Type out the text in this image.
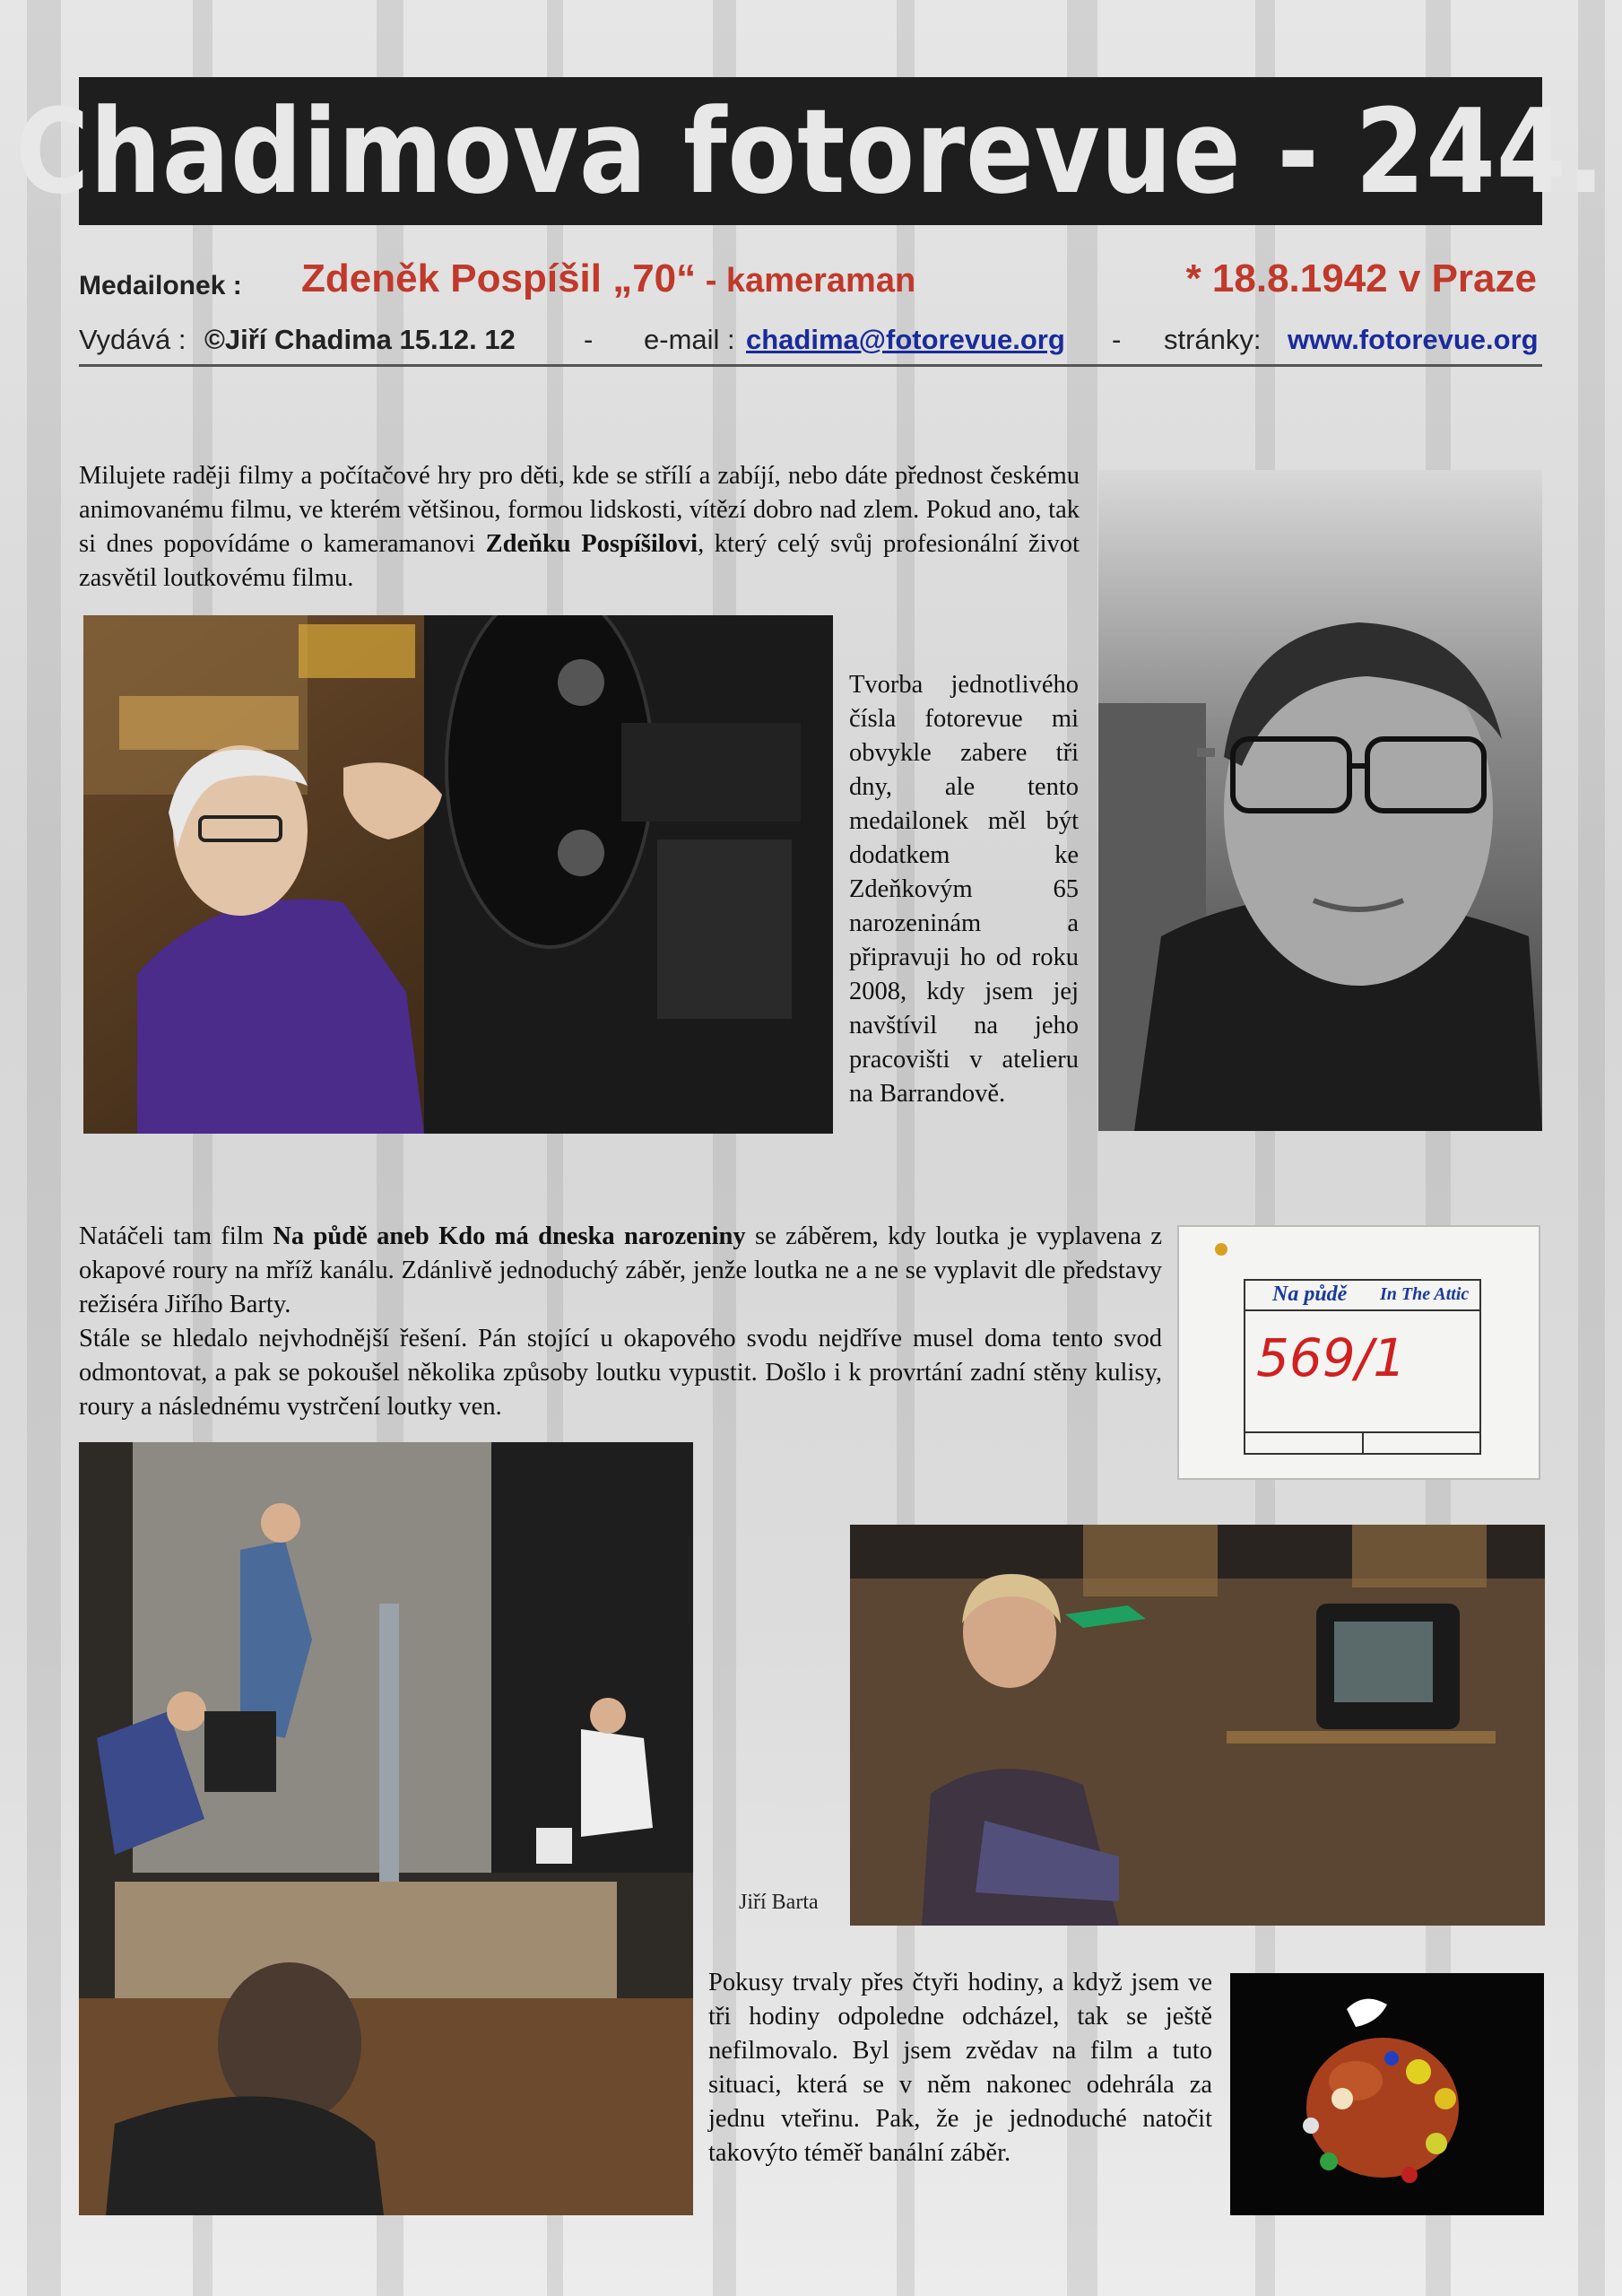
Chadimova fotorevue - 244.
Medailonek : Zdeněk Pospíšil „70“ - kameraman	* 18.8.1942 v Praze
Vydává : ©Jiří Chadima 15.12. 12 - e-mail : chadima@fotorevue.org - stránky: www.fotorevue.org
Milujete raději filmy a počítačové hry pro děti, kde se střílí a zabíjí, nebo dáte přednost českému animovanému filmu, ve kterém většinou, formou lidskosti, vítězí dobro nad zlem. Pokud ano, tak si dnes popovídáme o kameramanovi Zdeňku Pospíšilovi, který celý svůj profesionální život zasvětil loutkovému filmu.
Tvorba jednotlivého čísla fotorevue mi obvykle zabere tři dny, ale tento medailonek měl být dodatkem ke Zdeňkovým 65 narozeninám a připravuji ho od roku 2008, kdy jsem jej navštívil na jeho pracovišti v atelieru na Barrandově.
Natáčeli tam film Na půdě aneb Kdo má dneska narozeniny se záběrem, kdy loutka je vyplavena z okapové roury na mříž kanálu. Zdánlivě jednoduchý záběr, jenže loutka ne a ne se vyplavit dle představy režiséra Jiřího Barty.
Stále se hledalo nejvhodnější řešení. Pán stojící u okapového svodu nejdříve musel doma tento svod odmontovat, a pak se pokoušel několika způsoby loutku vypustit. Došlo i k provrtání zadní stěny kulisy, roury a následnému vystrčení loutky ven.
Na půdě In The Attic
569/1
Jiří Barta
Pokusy trvaly přes čtyři hodiny, a když jsem ve tři hodiny odpoledne odcházel, tak se ještě nefilmovalo. Byl jsem zvědav na film a tuto situaci, která se v něm nakonec odehrála za jednu vteřinu. Pak, že je jednoduché natočit takovýto téměř banální záběr.
